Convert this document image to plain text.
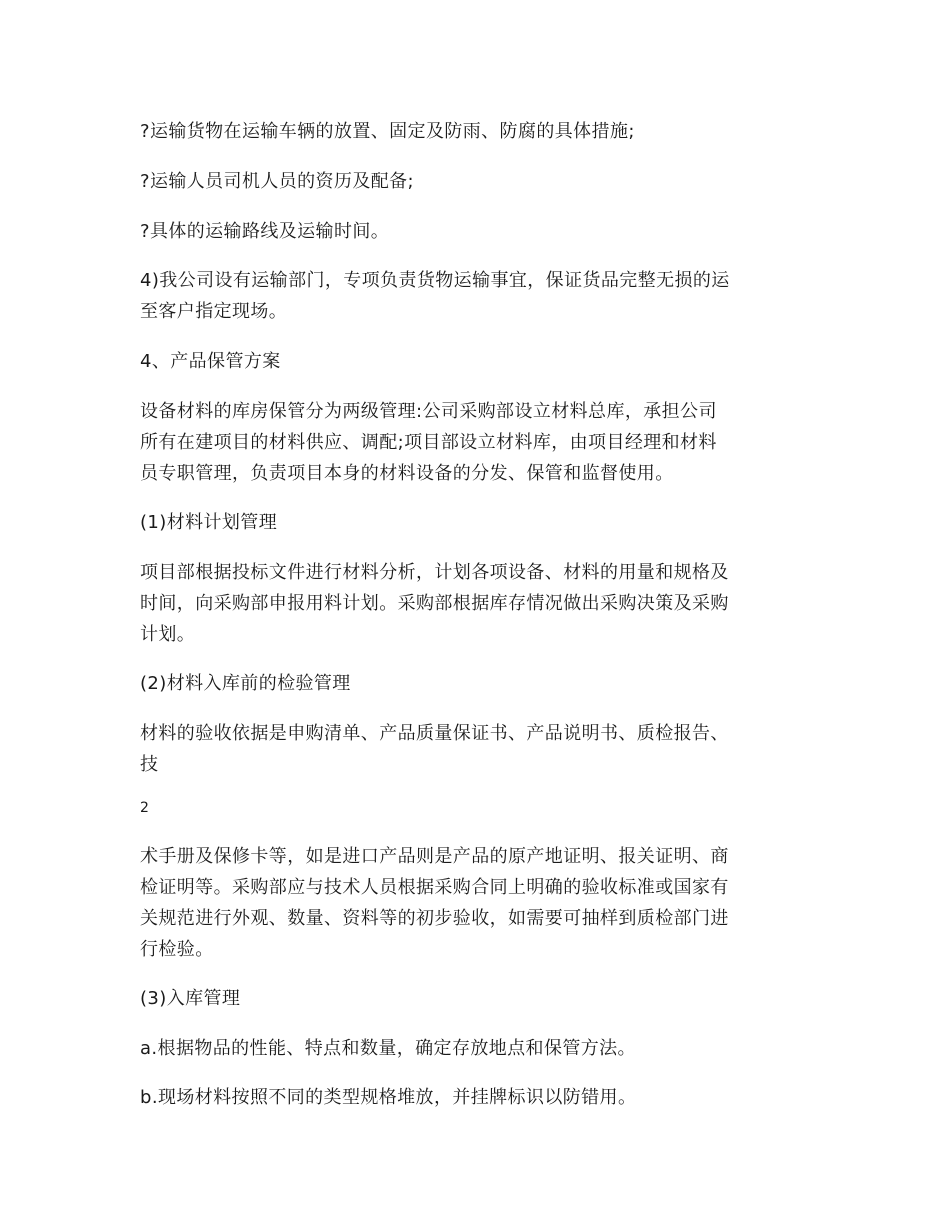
?运输货物在运输车辆的放置、固定及防雨、防腐的具体措施;

?运输人员司机人员的资历及配备;

?具体的运输路线及运输时间。

4)我公司设有运输部门，专项负责货物运输事宜，保证货品完整无损的运
至客户指定现场。

4、产品保管方案

设备材料的库房保管分为两级管理:公司采购部设立材料总库，承担公司
所有在建项目的材料供应、调配;项目部设立材料库，由项目经理和材料
员专职管理，负责项目本身的材料设备的分发、保管和监督使用。

(1)材料计划管理

项目部根据投标文件进行材料分析，计划各项设备、材料的用量和规格及
时间，向采购部申报用料计划。采购部根据库存情况做出采购决策及采购
计划。

(2)材料入库前的检验管理

材料的验收依据是申购清单、产品质量保证书、产品说明书、质检报告、
技

2

术手册及保修卡等，如是进口产品则是产品的原产地证明、报关证明、商
检证明等。采购部应与技术人员根据采购合同上明确的验收标准或国家有
关规范进行外观、数量、资料等的初步验收，如需要可抽样到质检部门进
行检验。

(3)入库管理

a.根据物品的性能、特点和数量，确定存放地点和保管方法。

b.现场材料按照不同的类型规格堆放，并挂牌标识以防错用。
